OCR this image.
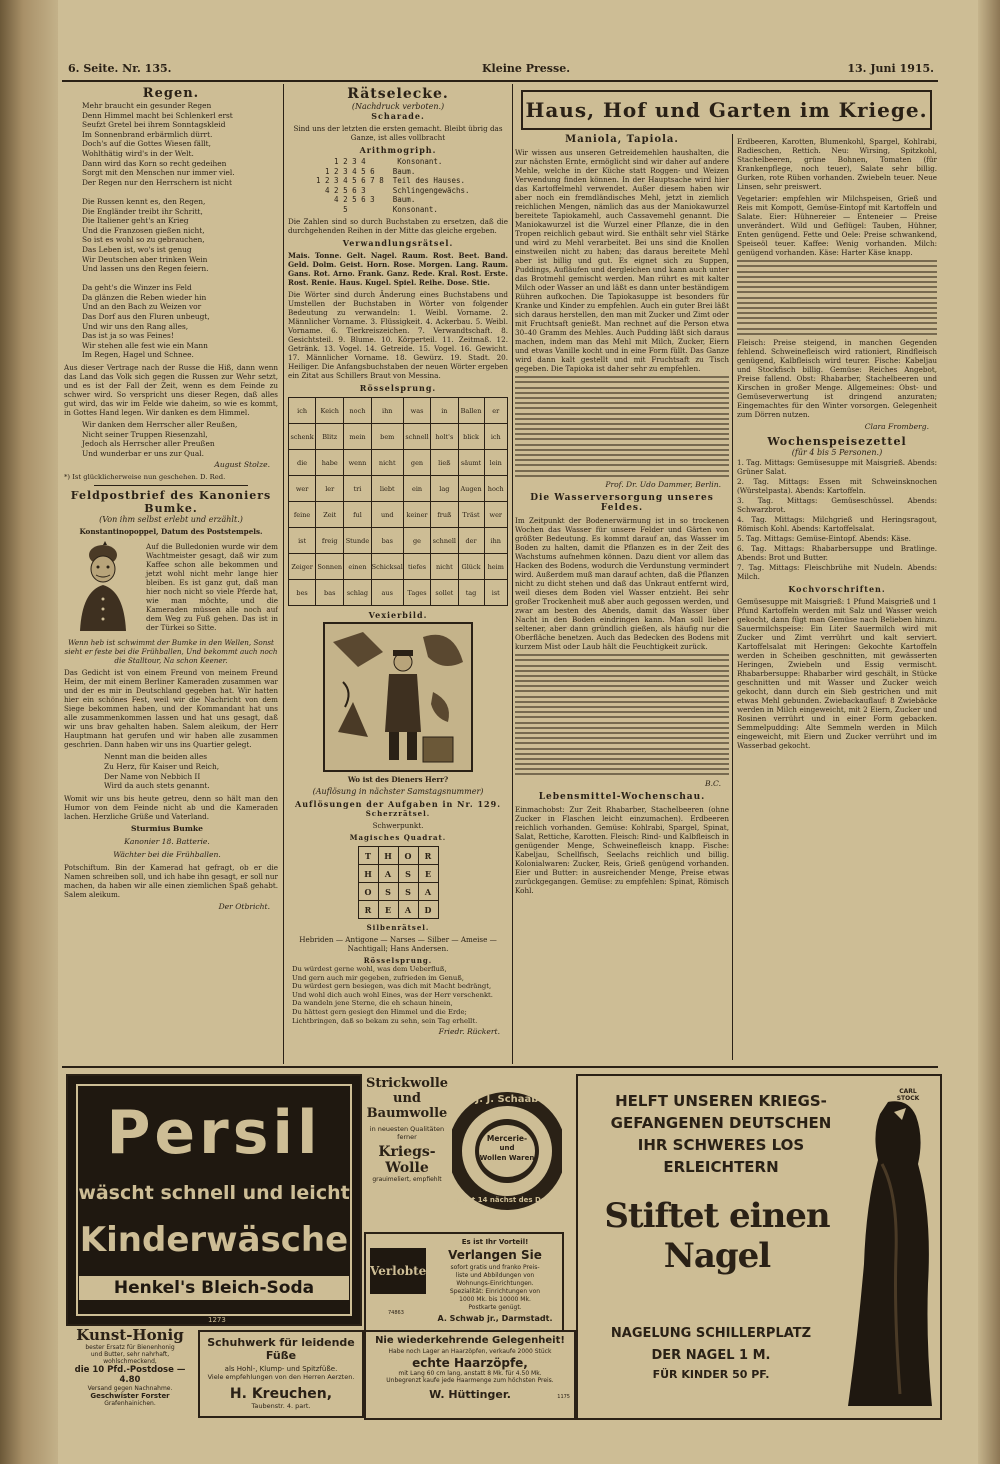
6. Seite. Nr. 135.	Kleine Presse.	13. Juni 1915.
Regen.
Mehr braucht ein gesunder Regen
Denn Himmel macht bei Schlenkerl erst
Seufzt Gretel bei ihrem Sonntagskleid
Im Sonnenbrand erbärmlich dürrt.
Doch's auf die Gottes Wiesen fällt,
Wohlthätig wird's in der Welt.
Dann wird das Korn so recht gedeihen
Sorgt mit den Menschen nur immer viel.
Der Regen nur den Herrschern ist nicht

Die Russen kennt es, den Regen,
Die Engländer treibt ihr Schritt,
Die Italiener geht's an Krieg
Und die Franzosen gießen nicht,
So ist es wohl so zu gebrauchen,
Das Leben ist, wo's ist genug
Wir Deutschen aber trinken Wein
Und lassen uns den Regen feiern.

Da geht's die Winzer ins Feld
Da glänzen die Reben wieder hin
Und an den Bach zu Weizen vor
Das Dorf aus den Fluren unbeugt,
Und wir uns den Rang alles,
Das ist ja so was Feines!
Wir stehen alle fest wie ein Mann
Im Regen, Hagel und Schnee.
Aus dieser Vertrage nach der Russe die Hiß, dann wenn das Land das Volk sich gegen die Russen zur Wehr setzt, und es ist der Fall der Zeit, wenn es dem Feinde zu schwer wird. So verspricht uns dieser Regen, daß alles gut wird, das wir im Felde wie daheim, so wie es kommt, in Gottes Hand legen. Wir danken es dem Himmel.
Wir danken dem Herrscher aller Reußen,
Nicht seiner Truppen Riesenzahl,
Jedoch als Herrscher aller Preußen
Und wunderbar er uns zur Qual.
August Stolze.
*) Ist glücklicherweise nun geschehen. D. Red.
Feldpostbrief des Kanoniers Bumke.
(Von ihm selbst erlebt und erzählt.)
Konstantinopoppel, Datum des Poststempels.
Auf die Bulledonien wurde wir dem Wachtmeister gesagt, daß wir zum Kaffee schon alle bekommen und jetzt wohl nicht mehr lange hier bleiben. Es ist ganz gut, daß man hier noch nicht so viele Pferde hat, wie man möchte, und die Kameraden müssen alle noch auf dem Weg zu Fuß gehen. Das ist in der Türkei so Sitte.
Wenn heb ist schwimmt der Bumke in den Wellen, Sonst sieht er feste bei die Frühballen, Und bekommt auch noch die Stalltour, Na schon Keener.
Das Gedicht ist von einem Freund von meinem Freund Heim, der mit einem Berliner Kameraden zusammen war und der es mir in Deutschland gegeben hat. Wir hatten hier ein schönes Fest, weil wir die Nachricht von dem Siege bekommen haben, und der Kommandant hat uns alle zusammenkommen lassen und hat uns gesagt, daß wir uns brav gehalten haben. Salem aleikum, der Herr Hauptmann hat gerufen und wir haben alle zusammen geschrien. Dann haben wir uns ins Quartier gelegt.
Nennt man die beiden alles
Zu Herz, für Kaiser und Reich,
Der Name von Nebbich II
Wird da auch stets genannt.
Womit wir uns bis heute getreu, denn so hält man den Humor von dem Feinde nicht ab und die Kameraden lachen. Herzliche Grüße und Vaterland.
Sturmius Bumke
Kanonier 18. Batterie.
Wächter bei die Frühballen.
Potschiftum. Bin der Kamerad hat gefragt, ob er die Namen schreiben soll, und ich habe ihn gesagt, er soll nur machen, da haben wir alle einen ziemlichen Spaß gehabt. Salem aleikum.
Der Otbricht.
Rätselecke.
(Nachdruck verboten.)
Scharade.
Sind uns der letzten die ersten gemacht. Bleibt übrig das Ganze, ist alles vollbracht
Arithmogriph.
1 2 3 4       Konsonant.
1 2 3 4 5 6    Baum.
1 2 3 4 5 6 7 8  Teil des Hauses.
4 2 5 6 3      Schlingengewächs.
4 2 5 6 3    Baum.
5          Konsonant.
Die Zahlen sind so durch Buchstaben zu ersetzen, daß die durchgehenden Reihen in der Mitte das gleiche ergeben.
Verwandlungsrätsel.
Mais. Tonne. Gelt. Nagel. Raum. Rost. Beet. Band. Geld. Dolm. Geist. Horn. Rose. Morgen. Lang. Raum. Gans. Rot. Arno. Frank. Ganz. Rede. Kral. Rost. Erste. Rost. Renie. Haus. Kugel. Spiel. Reihe. Dose. Stie.
Die Wörter sind durch Änderung eines Buchstabens und Umstellen der Buchstaben in Wörter von folgender Bedeutung zu verwandeln: 1. Weibl. Vorname. 2. Männlicher Vorname. 3. Flüssigkeit. 4. Ackerbau. 5. Weibl. Vorname. 6. Tierkreiszeichen. 7. Verwandtschaft. 8. Gesichtsteil. 9. Blume. 10. Körperteil. 11. Zeitmaß. 12. Getränk. 13. Vogel. 14. Getreide. 15. Vogel. 16. Gewicht. 17. Männlicher Vorname. 18. Gewürz. 19. Stadt. 20. Heiliger. Die Anfangsbuchstaben der neuen Wörter ergeben ein Zitat aus Schillers Braut von Messina.
Rösselsprung.
ich	Keich	noch	ihn	was	in	Ballen	er
schenk	Blitz	mein	bem	schnell	holt's	blick	ich
die	habe	wenn	nicht	gen	ließ	säumt	lein
wer	ler	tri	liebt	ein	lag	Augen	hoch
feine	Zeit	ful	und	keiner	fruß	Träst	wer
ist	freig	Stunde	bas	ge	schnell	der	ihn
Zeiger	Sonnen	einen	Schicksal	tiefes	nicht	Glück	heim
bes	bas	schlag	aus	Tages	sollet	tag	ist
Vexierbild.
Wo ist des Dieners Herr?
(Auflösung in nächster Samstagsnummer)
Auflösungen der Aufgaben in Nr. 129.
Scherzrätsel.
Schwerpunkt.
Magisches Quadrat.
T	H	O	R
H	A	S	E
O	S	S	A
R	E	A	D
Silbenrätsel.
Hebriden — Antigone — Narses — Silber — Ameise — Nachtigall; Hans Andersen.
Rösselsprung.
Du würdest gerne wohl, was dem Ueberfluß,
Und gern auch mir gegeben, zufrieden im Genuß,
Du würdest gern besiegen, was dich mit Macht bedrängt,
Und wohl dich auch wohl Eines, was der Herr verschenkt.
Da wandeln jene Sterne, die eh schaun hinein,
Du hättest gern gesiegt den Himmel und die Erde;
Lichtbringen, daß so bekam zu sehn, sein Tag erhellt.
Friedr. Rückert.
Haus, Hof und Garten im Kriege.
Maniola, Tapiola.
Wir wissen aus unseren Getreidemehlen haushalten, die zur nächsten Ernte, ermöglicht sind wir daher auf andere Mehle, welche in der Küche statt Roggen- und Weizen Verwendung finden können. In der Hauptsache wird hier das Kartoffelmehl verwendet. Außer diesem haben wir aber noch ein fremdländisches Mehl, jetzt in ziemlich reichlichen Mengen, nämlich das aus der Maniokawurzel bereitete Tapiokamehl, auch Cassavemehl genannt. Die Maniokawurzel ist die Wurzel einer Pflanze, die in den Tropen reichlich gebaut wird. Sie enthält sehr viel Stärke und wird zu Mehl verarbeitet. Bei uns sind die Knollen einstweilen nicht zu haben; das daraus bereitete Mehl aber ist billig und gut. Es eignet sich zu Suppen, Puddings, Aufläufen und dergleichen und kann auch unter das Brotmehl gemischt werden. Man rührt es mit kalter Milch oder Wasser an und läßt es dann unter beständigem Rühren aufkochen. Die Tapiokasuppe ist besonders für Kranke und Kinder zu empfehlen. Auch ein guter Brei läßt sich daraus herstellen, den man mit Zucker und Zimt oder mit Fruchtsaft genießt. Man rechnet auf die Person etwa 30–40 Gramm des Mehles. Auch Pudding läßt sich daraus machen, indem man das Mehl mit Milch, Zucker, Eiern und etwas Vanille kocht und in eine Form füllt. Das Ganze wird dann kalt gestellt und mit Fruchtsaft zu Tisch gegeben. Die Tapioka ist daher sehr zu empfehlen.
Prof. Dr. Udo Dammer, Berlin.
Die Wasserversorgung unseres Feldes.
Im Zeitpunkt der Bodenerwärmung ist in so trockenen Wochen das Wasser für unsere Felder und Gärten von größter Bedeutung. Es kommt darauf an, das Wasser im Boden zu halten, damit die Pflanzen es in der Zeit des Wachstums aufnehmen können. Dazu dient vor allem das Hacken des Bodens, wodurch die Verdunstung vermindert wird. Außerdem muß man darauf achten, daß die Pflanzen nicht zu dicht stehen und daß das Unkraut entfernt wird, weil dieses dem Boden viel Wasser entzieht. Bei sehr großer Trockenheit muß aber auch gegossen werden, und zwar am besten des Abends, damit das Wasser über Nacht in den Boden eindringen kann. Man soll lieber seltener, aber dann gründlich gießen, als häufig nur die Oberfläche benetzen. Auch das Bedecken des Bodens mit kurzem Mist oder Laub hält die Feuchtigkeit zurück.
B.C.
Lebensmittel-Wochenschau.
Einmachobst: Zur Zeit Rhabarber, Stachelbeeren (ohne Zucker in Flaschen leicht einzumachen). Erdbeeren reichlich vorhanden. Gemüse: Kohlrabi, Spargel, Spinat, Salat, Rettiche, Karotten. Fleisch: Rind- und Kalbfleisch in genügender Menge, Schweinefleisch knapp. Fische: Kabeljau, Schellfisch, Seelachs reichlich und billig. Kolonialwaren: Zucker, Reis, Grieß genügend vorhanden. Eier und Butter: in ausreichender Menge, Preise etwas zurückgegangen. Gemüse: zu empfehlen: Spinat, Römisch Kohl.
Erdbeeren, Karotten, Blumenkohl, Spargel, Kohlrabi, Radieschen, Rettich. Neu: Wirsing, Spitzkohl, Stachelbeeren, grüne Bohnen, Tomaten (für Krankenpflege, noch teuer), Salate sehr billig. Gurken, rote Rüben vorhanden. Zwiebeln teuer. Neue Linsen, sehr preiswert.
Vegetarier: empfehlen wir Milchspeisen, Grieß und Reis mit Kompott, Gemüse-Eintopf mit Kartoffeln und Salate. Eier: Hühnereier — Enteneier — Preise unverändert. Wild und Geflügel: Tauben, Hühner, Enten genügend. Fette und Oele: Preise schwankend, Speiseöl teuer. Kaffee: Wenig vorhanden. Milch: genügend vorhanden. Käse: Harter Käse knapp.
Fleisch: Preise steigend, in manchen Gegenden fehlend. Schweinefleisch wird rationiert, Rindfleisch genügend, Kalbfleisch wird teurer. Fische: Kabeljau und Stockfisch billig. Gemüse: Reiches Angebot, Preise fallend. Obst: Rhabarber, Stachelbeeren und Kirschen in großer Menge. Allgemeines: Obst- und Gemüseverwertung ist dringend anzuraten; Eingemachtes für den Winter vorsorgen. Gelegenheit zum Dörren nutzen.
Clara Fromberg.
Wochenspeisezettel
(für 4 bis 5 Personen.)
1. Tag. Mittags: Gemüsesuppe mit Maisgrieß. Abends: Grüner Salat.
2. Tag. Mittags: Essen mit Schweinsknochen (Würstelpasta). Abends: Kartoffeln.
3. Tag. Mittags: Gemüseschüssel. Abends: Schwarzbrot.
4. Tag. Mittags: Milchgrieß und Heringsragout, Römisch Kohl. Abends: Kartoffelsalat.
5. Tag. Mittags: Gemüse-Eintopf. Abends: Käse.
6. Tag. Mittags: Rhabarbersuppe und Bratlinge. Abends: Brot und Butter.
7. Tag. Mittags: Fleischbrühe mit Nudeln. Abends: Milch.
Kochvorschriften.
Gemüsesuppe mit Maisgrieß: 1 Pfund Maisgrieß und 1 Pfund Kartoffeln werden mit Salz und Wasser weich gekocht, dann fügt man Gemüse nach Belieben hinzu. Sauermilchspeise: Ein Liter Sauermilch wird mit Zucker und Zimt verrührt und kalt serviert. Kartoffelsalat mit Heringen: Gekochte Kartoffeln werden in Scheiben geschnitten, mit gewässerten Heringen, Zwiebeln und Essig vermischt. Rhabarbersuppe: Rhabarber wird geschält, in Stücke geschnitten und mit Wasser und Zucker weich gekocht, dann durch ein Sieb gestrichen und mit etwas Mehl gebunden. Zwiebackauflauf: 8 Zwiebäcke werden in Milch eingeweicht, mit 2 Eiern, Zucker und Rosinen verrührt und in einer Form gebacken. Semmelpudding: Alte Semmeln werden in Milch eingeweicht, mit Eiern und Zucker verrührt und im Wasserbad gekocht.
Persil
wäscht schnell und leicht
Kinderwäsche
Henkel's Bleich-Soda
1273
Kunst-Honig
bester Ersatz für Bienenhonig
und Butter, sehr nahrhaft,
wohlschmeckend,
die 10 Pfd.-Postdose — 4.80
Versand gegen Nachnahme.
Geschwister Forster
Grafenhainichen.
Schuhwerk für leidende Füße
als Hohl-, Klump- und Spitzfüße.
Viele empfehlungen von den Herren Aerzten.
H. Kreuchen,
Taubenstr. 4. part.
Strickwolle und
Baumwolle
in neuesten Qualitäten
ferner
Kriegs-Wolle
grauimeliert, empfiehlt
J. J. Schaab
Mercerie-
und
Wollen Waren
Markt 14 nächst des Domes
Verlobte
Es ist Ihr Vorteil!
Verlangen Sie
sofort gratis und franko Preis-
liste und Abbildungen von
Wohnungs-Einrichtungen.
Spezialität: Einrichtungen von
1000 Mk. bis 10000 Mk.
Postkarte genügt.
A. Schwab jr., Darmstadt.
74863
Nie wiederkehrende Gelegenheit!
Habe noch Lager an Haarzöpfen, verkaufe 2000 Stück
echte Haarzöpfe,
mit Lang 60 cm lang, anstatt 8 Mk. für 4.50 Mk.
Unbegrenzt kaufe jede Haarmenge zum höchsten Preis.
W. Hüttinger.	1175
HELFT UNSEREN KRIEGS-
GEFANGENEN DEUTSCHEN
IHR SCHWERES LOS
ERLEICHTERN
CARL STOCK
Stiftet einen Nagel
NAGELUNG SCHILLERPLATZ
DER NAGEL 1 M.
FÜR KINDER 50 PF.
